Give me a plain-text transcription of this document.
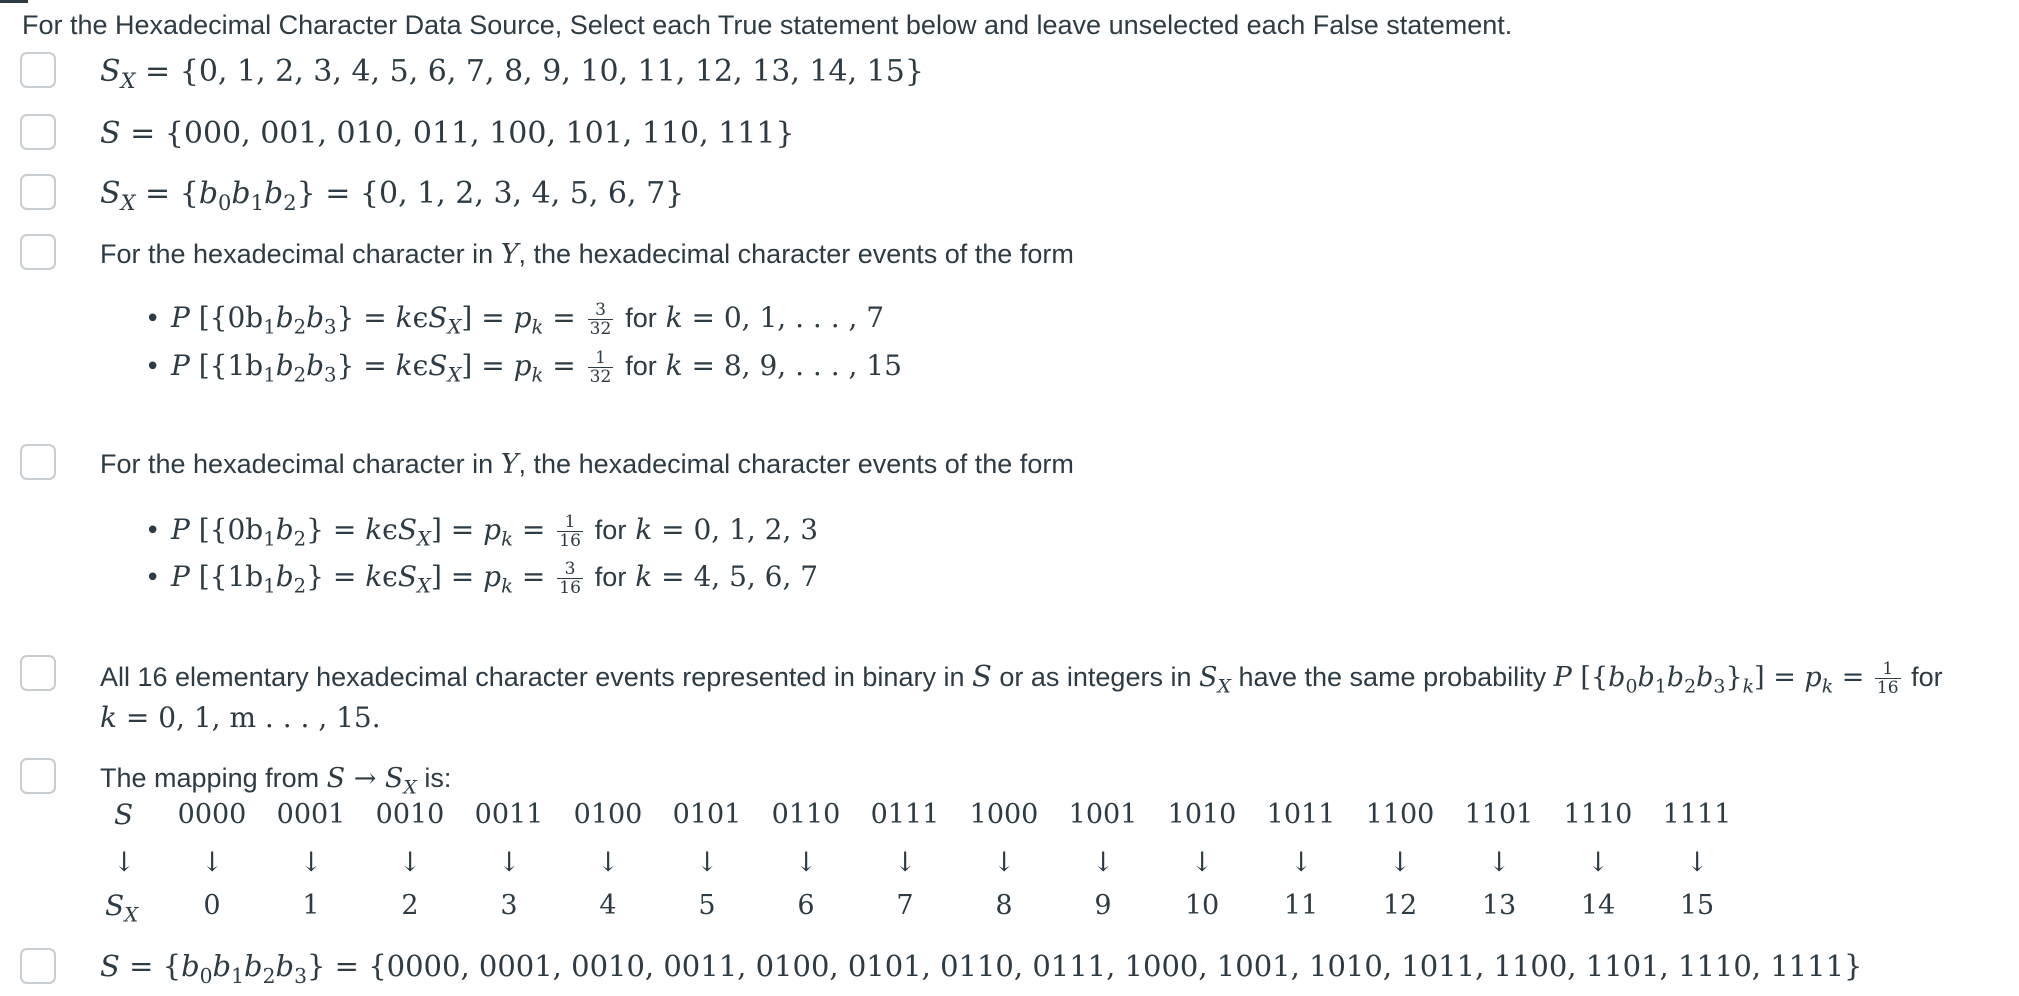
For the Hexadecimal Character Data Source, Select each True statement below and leave unselected each False statement.

$S_X = \{0$, 1, 2, 3, 4, 5, 6, 7, 8, 9, 10, 11, 12, 13, 14, 15}
S = {000, 001, 010, 011, 100, 101, 110, 111}
$S_X = \{b_0b_1b_2\} = \{0$, 1, 2, 3, 4, 5, 6, 7}
For the hexadecimal character in Y, the hexadecimal character events of the form
• P $[\{0b_1b_2b_3\} = k\epsilon S_X] = p_k = \frac{3}{32}$ for k = 0, 1, . . . , 7
• P $[\{1b_1b_2b_3\} = k\epsilon S_X] = p_k = \frac{1}{32}$ for k = 8, 9, . . . , 15
For the hexadecimal character in Y, the hexadecimal character events of the form
• P $[\{0b_1b_2\} = k\epsilon S_X] = p_k = \frac{1}{16}$ for k = 0, 1, 2, 3
• P $[\{1b_1b_2\} = k\epsilon S_X] = p_k = \frac{3}{16}$ for k = 4, 5, 6, 7
All 16 elementary hexadecimal character events represented in binary in S or as integers in $S_X$ have the same probability P $[\{b_0b_1b_2b_3\}_k] = p_k = \frac{1}{16}$ for
k = 0, 1, m . . . , 15.
The mapping from $S \to S_X$ is:
S 0000 0001 0010 0011 0100 0101 0110 0111 1000 1001 1010 1011 1100 1101 1110 1111
↓	↓	↓	↓	↓	↓	↓	↓	↓	↓	↓	↓	↓	↓	↓	↓	↓
$S_X$	0	1	2	3	4	5	6	7	8	9	10	11	12	13	14	15
$S = \{b_0b_1b_2b_3\} = \{0000$, 0001, 0010, 0011, 0100, 0101, 0110, 0111, 1000, 1001, 1010, 1011, 1100, 1101, 1110, 1111}
